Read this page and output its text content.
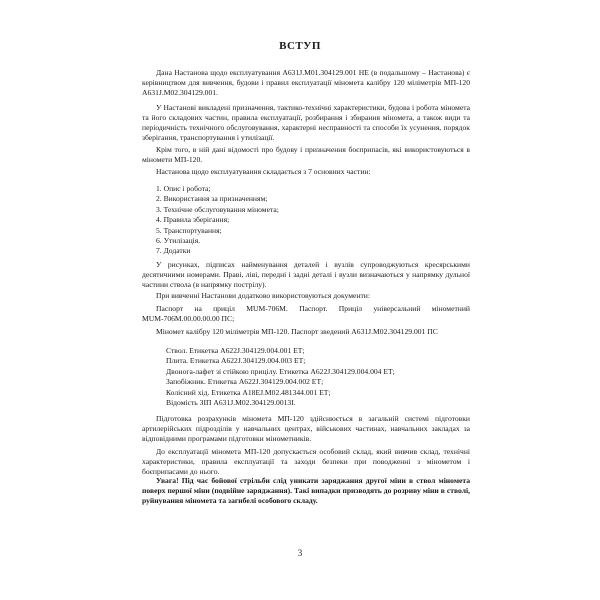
ВСТУП

Дана Настанова щодо експлуатування А631J.М01.304129.001 НЕ (в подальшому – Настанова) є керівництвом для вивчення, будови і правил експлуатації міномета калібру 120 міліметрів МП-120 А631J.М02.304129.001.

У Настанові викладені призначення, тактико-технічні характеристики, будова і робота міномета та його складових частин, правила експлуатації, розбирання і збирання міномета, а також види та періодичність технічного обслуговування, характерні несправності та способи їх усунення, порядок зберігання, транспортування і утилізації.

Крім того, в ній дані відомості про будову і призначення боєприпасів, які використовуються в міномети МП-120.

Настанова щодо експлуатування складається з 7 основних частин:

1. Опис і робота;
2. Використання за призначенням;
3. Технічне обслуговування міномета;
4. Правила зберігання;
5. Транспортування;
6. Утилізація.
7. Додатки

У рисунках, підписах найменування деталей і вузлів супроводжуються кресярськими десятичними номерами. Праві, ліві, передні і задні деталі і вузли визначаються у напрямку дульної частини ствола (в напрямку пострілу).

При вивченні Настанови додатково використовуються документи:

Паспорт на приціл МUМ-706М. Паспорт. Приціл універсальний мінометний МUМ-706М.00.00.00.00 ПС;

Міномет калібру 120 міліметрів МП-120. Паспорт зведений А631J.М02.304129.001 ПС

Ствол. Етикетка А622J.304129.004.001 ЕТ;

Плита. Етикетка А622J.304129.004.003 ЕТ;

Двонога-лафет зі стійкою прицілу. Етикетка А622J.304129.004.004 ЕТ;

Запобіжник. Етикетка А622J.304129.004.002 ЕТ;

Колісний хід. Етикетка А18ЕJ.М02.481344.001 ЕТ;

Відомість ЗІП А631J.М02.304129.0013І.

Підготовка розрахунків міномета МП-120 здійснюється в загальній системі підготовки артилерійських підрозділів у навчальних центрах, військових частинах, навчальних закладах за відповідними програмами підготовки мінометників.

До експлуатації міномета МП-120 допускається особовий склад, який вивчив склад, технічні характеристики, правила експлуатації та заходи безпеки при поводженні з мінометом і боєприпасами до нього.

Увага! Під час бойової стрільби слід уникати заряджання другої міни в ствол міномета поверх першої міни (подвійне заряджання). Такі випадки призводять до розриву міни в стволі, руйнування міномета та загибелі особового складу.

3
